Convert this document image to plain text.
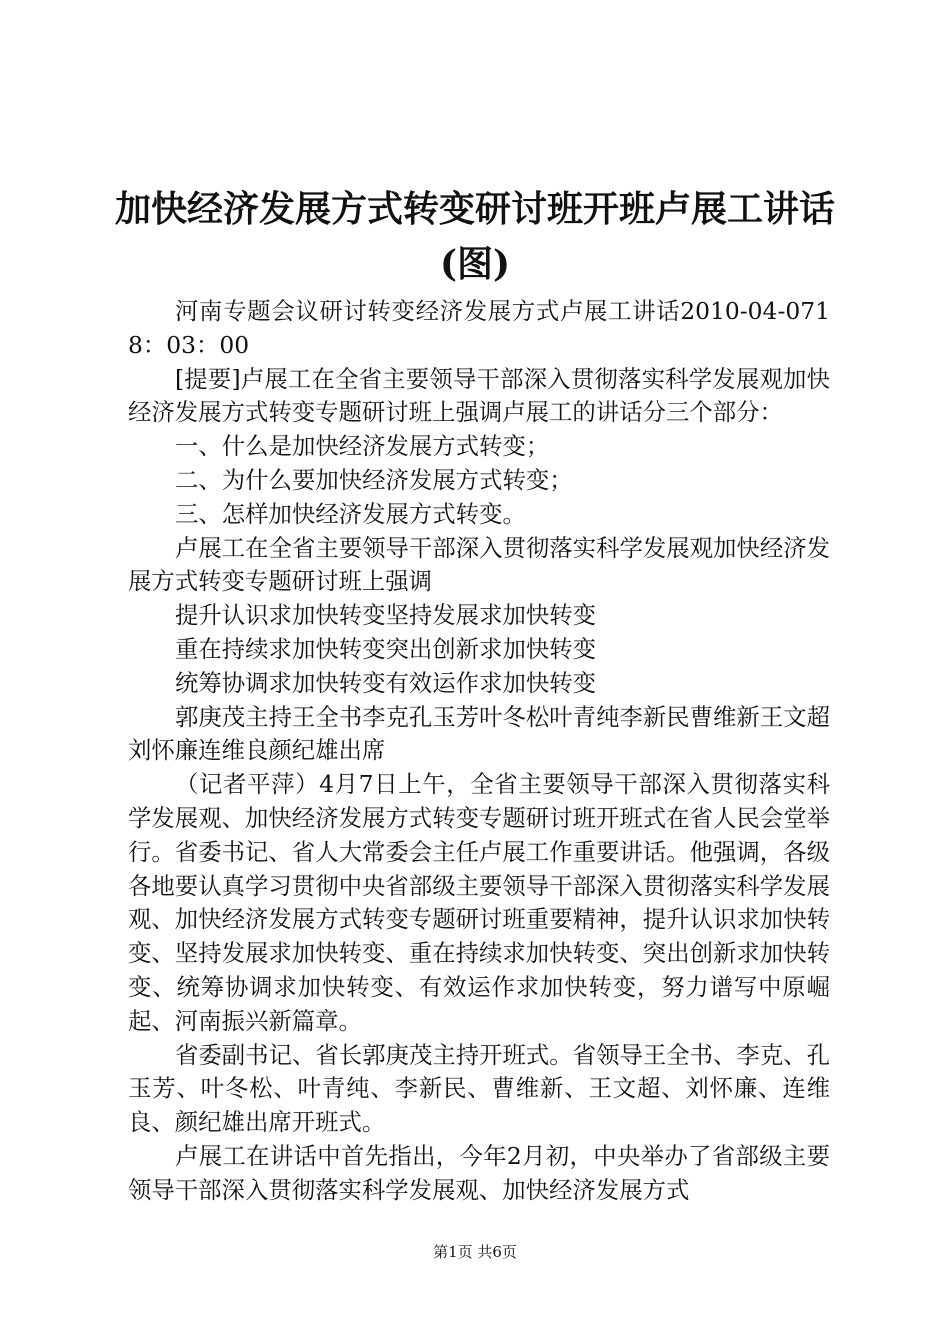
加快经济发展方式转变研讨班开班卢展工讲话(图)

河南专题会议研讨转变经济发展方式卢展工讲话2010-04-0718：03：00

[提要]卢展工在全省主要领导干部深入贯彻落实科学发展观加快经济发展方式转变专题研讨班上强调卢展工的讲话分三个部分：

一、什么是加快经济发展方式转变；

二、为什么要加快经济发展方式转变；

三、怎样加快经济发展方式转变。

卢展工在全省主要领导干部深入贯彻落实科学发展观加快经济发展方式转变专题研讨班上强调

提升认识求加快转变坚持发展求加快转变

重在持续求加快转变突出创新求加快转变

统筹协调求加快转变有效运作求加快转变

郭庚茂主持王全书李克孔玉芳叶冬松叶青纯李新民曹维新王文超刘怀廉连维良颜纪雄出席

（记者平萍）4月7日上午，全省主要领导干部深入贯彻落实科学发展观、加快经济发展方式转变专题研讨班开班式在省人民会堂举行。省委书记、省人大常委会主任卢展工作重要讲话。他强调，各级各地要认真学习贯彻中央省部级主要领导干部深入贯彻落实科学发展观、加快经济发展方式转变专题研讨班重要精神，提升认识求加快转变、坚持发展求加快转变、重在持续求加快转变、突出创新求加快转变、统筹协调求加快转变、有效运作求加快转变，努力谱写中原崛起、河南振兴新篇章。

省委副书记、省长郭庚茂主持开班式。省领导王全书、李克、孔玉芳、叶冬松、叶青纯、李新民、曹维新、王文超、刘怀廉、连维良、颜纪雄出席开班式。

卢展工在讲话中首先指出，今年2月初，中央举办了省部级主要领导干部深入贯彻落实科学发展观、加快经济发展方式

第1页 共6页
